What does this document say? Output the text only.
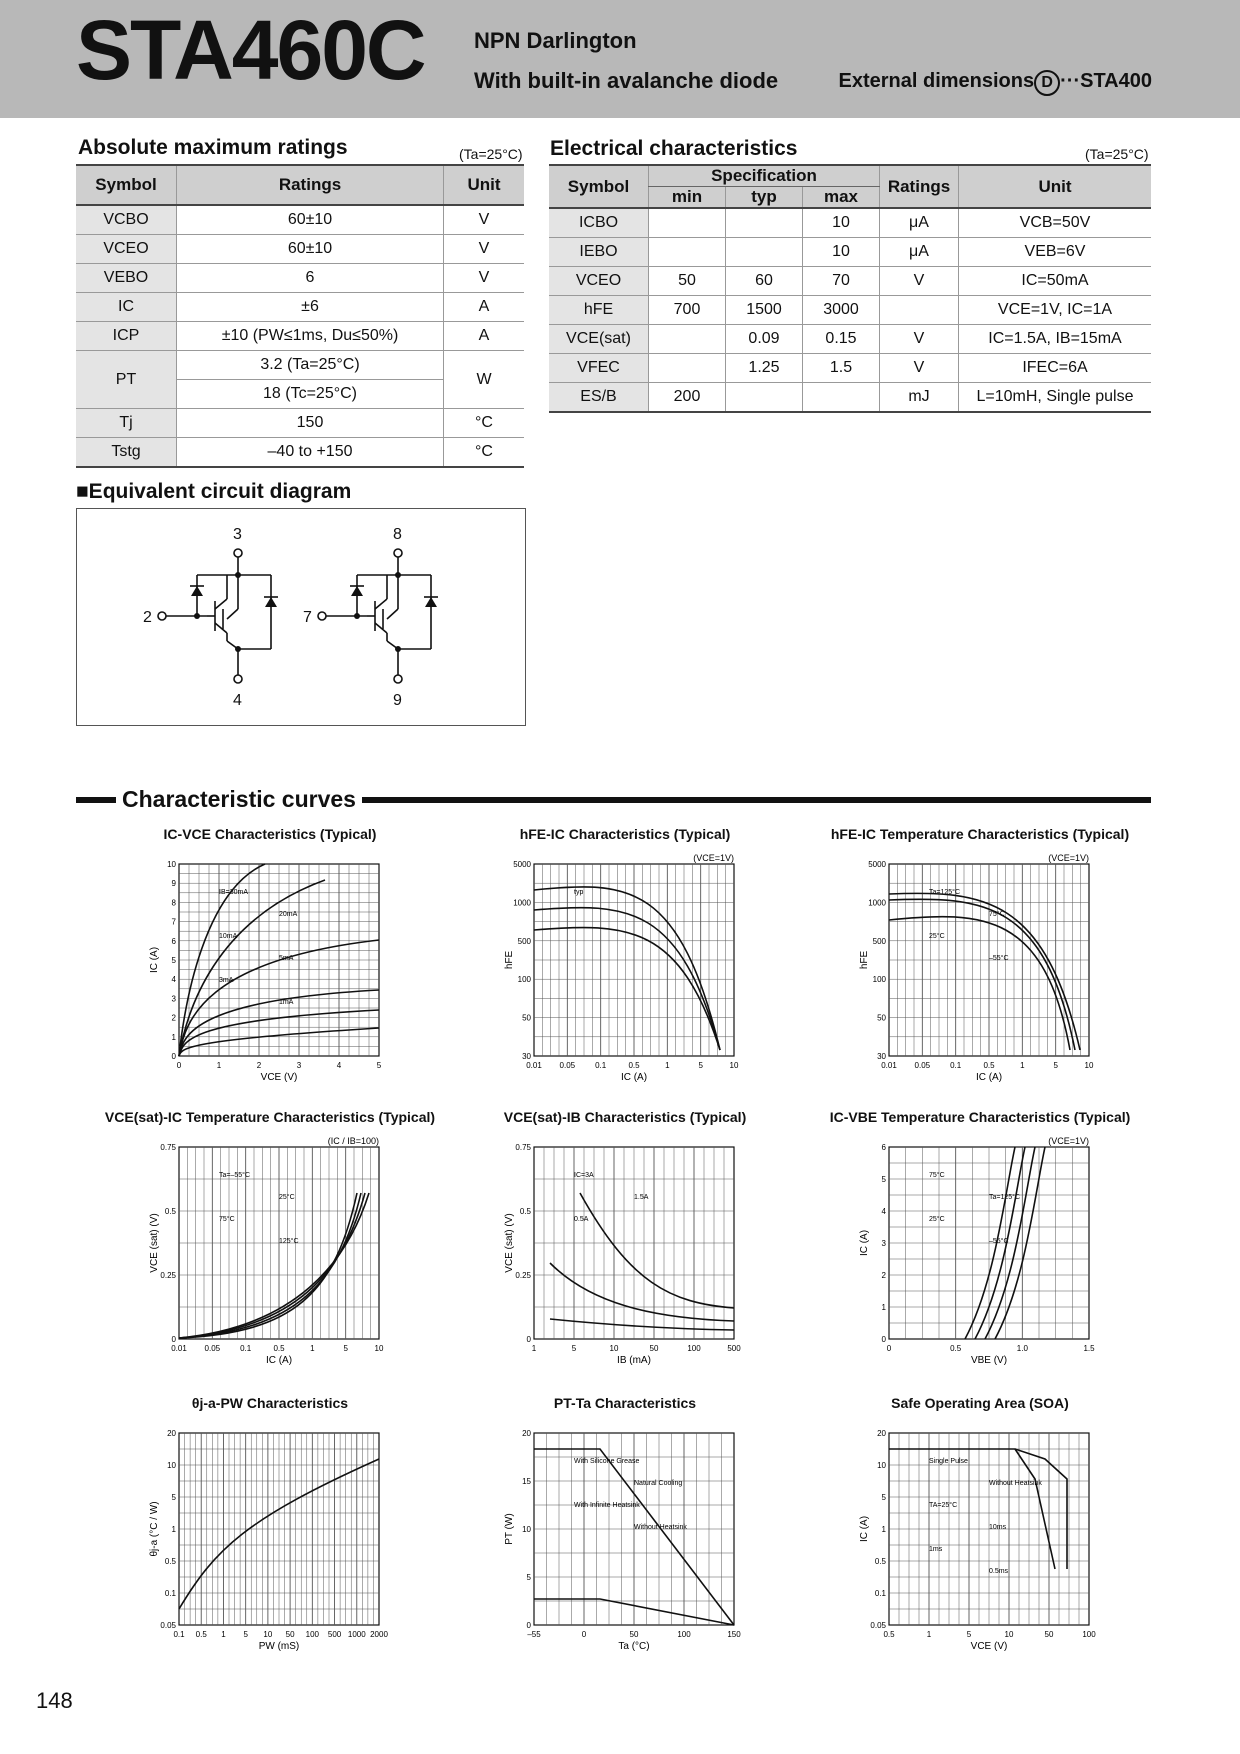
STA460C NPN Darlington
With built-in avalanche diode	External dimensions D ···STA400
Absolute maximum ratings	(Ta=25°C)
Symbol	Ratings	Unit
VCBO	60±10	V
VCEO	60±10	V
VEBO	6	V
IC	±6	A
ICP	±10 (PW≤1ms, Du≤50%)	A
PT	3.2 (Ta=25°C)	W
	18 (Tc=25°C)	
Tj	150	°C
Tstg	–40 to +150	°C
Electrical characteristics	(Ta=25°C)
Symbol	Specification			Ratings	Unit
	min	typ	max		
ICBO			10	μA	VCB=50V
IEBO			10	μA	VEB=6V
VCEO	50	60	70	V	IC=50mA
hFE	700	1500	3000		VCE=1V, IC=1A
VCE(sat)		0.09	0.15	V	IC=1.5A, IB=15mA
VFEC		1.25	1.5	V	IFEC=6A
ES/B	200			mJ	L=10mH, Single pulse
■Equivalent circuit diagram
3	8
2	7
4	9
Characteristic curves
IC-VCE Characteristics (Typical)
0	1	2	3	4	5
0
1
2
3
4
5
6
7
8
9
10
VCE (V)
IC (A)
IB=30mA
20mA
10mA
5mA
3mA
1mA
hFE-IC Characteristics (Typical)
0.01 0.05 0.1	0.5	1	5	10
30
50
100
500
1000
5000
IC (A)
hFE
(VCE=1V)
typ
hFE-IC Temperature Characteristics (Typical)
0.01 0.05 0.1	0.5	1	5	10
30
50
100
500
1000
5000
IC (A)
hFE
(VCE=1V)
Ta=125°C
75°C
25°C
–55°C
VCE(sat)-IC Temperature Characteristics (Typical)
0.01 0.05 0.1	0.5	1	5	10
0
0.25
0.5
0.75
IC (A)
VCE (sat) (V)
(IC / IB=100)
Ta=–55°C
25°C
75°C
125°C
VCE(sat)-IB Characteristics (Typical)
1	5	10	50	100	500
0
0.25
0.5
0.75
IB (mA)
VCE (sat) (V)
IC=3A
1.5A
0.5A
IC-VBE Temperature Characteristics (Typical)
0	0.5	1.0	1.5
0
1
2
3
4
5
6
VBE (V)
IC (A)
(VCE=1V)
75°C
Ta=125°C
25°C
–55°C
θj-a-PW Characteristics
0.1 0.5 1 5 10 50 100 500 1000 2000
0.05
0.1
0.5
1
5
10
20
PW (mS)
θj-a (°C / W)
PT-Ta Characteristics
–55	0	50	100	150
0
5
10
15
20
Ta (°C)
PT (W)
With Silicone Grease
Natural Cooling
With Infinite Heatsink
Without Heatsink
Safe Operating Area (SOA)
0.5	1	5	10	50	100
0.05
0.1
0.5
1
5
10
20
VCE (V)
IC (A)
Single Pulse
Without Heatsink
TA=25°C
10ms
1ms
0.5ms
148
